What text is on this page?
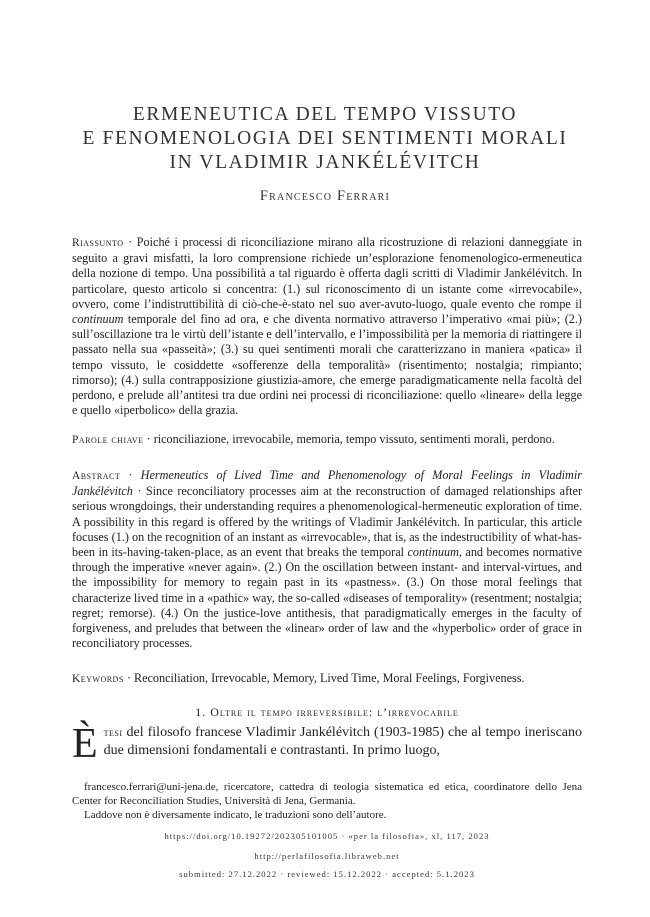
ERMENEUTICA DEL TEMPO VISSUTO
E FENOMENOLOGIA DEI SENTIMENTI MORALI
IN VLADIMIR JANKÉLÉVITCH
Francesco Ferrari
Riassunto · Poiché i processi di riconciliazione mirano alla ricostruzione di relazioni danneggiate in seguito a gravi misfatti, la loro comprensione richiede un’esplorazione fenomenologico-ermeneutica della nozione di tempo. Una possibilità a tal riguardo è offerta dagli scritti di Vladimir Jankélévitch. In particolare, questo articolo si concentra: (1.) sul riconoscimento di un istante come «irrevocabile», ovvero, come l’indistruttibilità di ciò-che-è-stato nel suo aver-avuto-luogo, quale evento che rompe il continuum temporale del fino ad ora, e che diventa normativo attraverso l’imperativo «mai più»; (2.) sull’oscillazione tra le virtù dell’istante e dell’intervallo, e l’impossibilità per la memoria di riattingere il passato nella sua «passeità»; (3.) su quei sentimenti morali che caratterizzano in maniera «patica» il tempo vissuto, le cosiddette «sofferenze della temporalità» (risentimento; nostalgia; rimpianto; rimorso); (4.) sulla contrapposizione giustizia-amore, che emerge paradigmaticamente nella facoltà del perdono, e prelude all’antitesi tra due ordini nei processi di riconciliazione: quello «lineare» della legge e quello «iperbolico» della grazia.
Parole chiave · riconciliazione, irrevocabile, memoria, tempo vissuto, sentimenti morali, perdono.
Abstract · Hermeneutics of Lived Time and Phenomenology of Moral Feelings in Vladimir Jankélévitch · Since reconciliatory processes aim at the reconstruction of damaged relationships after serious wrongdoings, their understanding requires a phenomenological-hermeneutic exploration of time. A possibility in this regard is offered by the writings of Vladimir Jankélévitch. In particular, this article focuses (1.) on the recognition of an instant as «irrevocable», that is, as the indestructibility of what-has-been in its-having-taken-place, as an event that breaks the temporal continuum, and becomes normative through the imperative «never again». (2.) On the oscillation between instant- and interval-virtues, and the impossibility for memory to regain past in its «pastness». (3.) On those moral feelings that characterize lived time in a «pathic» way, the so-called «diseases of temporality» (resentment; nostalgia; regret; remorse). (4.) On the justice-love antithesis, that paradigmatically emerges in the faculty of forgiveness, and preludes that between the «linear» order of law and the «hyperbolic» order of grace in reconciliatory processes.
Keywords · Reconciliation, Irrevocable, Memory, Lived Time, Moral Feelings, Forgiveness.
1. Oltre il tempo irreversibile: l’irrevocabile
Ètesi del filosofo francese Vladimir Jankélévitch (1903-1985) che al tempo ineriscano due dimensioni fondamentali e contrastanti. In primo luogo,
francesco.ferrari@uni-jena.de, ricercatore, cattedra di teologia sistematica ed etica, coordinatore dello Jena Center for Reconciliation Studies, Università di Jena, Germania.
Laddove non è diversamente indicato, le traduzioni sono dell’autore.
https://doi.org/10.19272/202305101005 · «per la filosofia», xl, 117, 2023
http://perlafilosofia.libraweb.net
submitted: 27.12.2022 · reviewed: 15.12.2022 · accepted: 5.1.2023
